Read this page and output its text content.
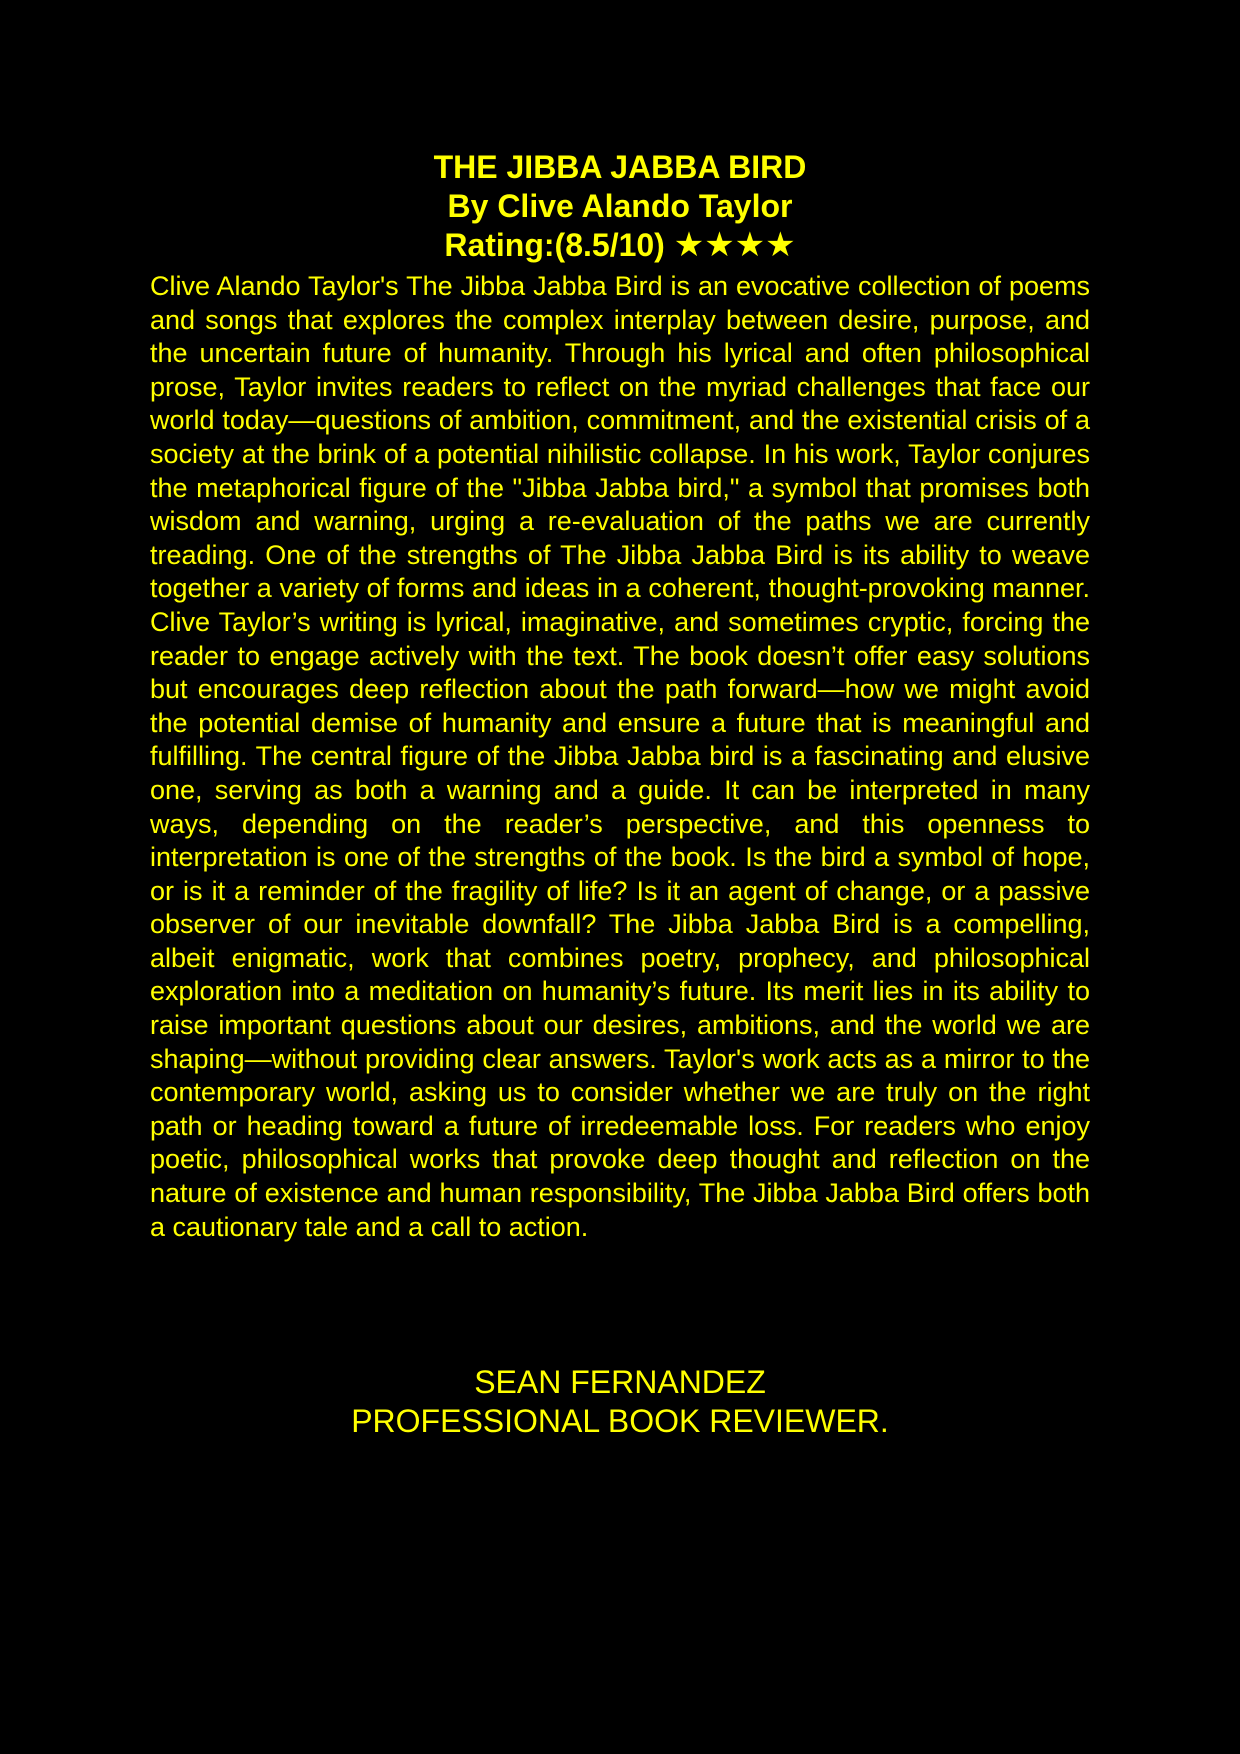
THE JIBBA JABBA BIRD
By Clive Alando Taylor
Rating:(8.5/10) ★★★★

Clive Alando Taylor's The Jibba Jabba Bird is an evocative collection of poems and songs that explores the complex interplay between desire, purpose, and the uncertain future of humanity. Through his lyrical and often philosophical prose, Taylor invites readers to reflect on the myriad challenges that face our world today—questions of ambition, commitment, and the existential crisis of a society at the brink of a potential nihilistic collapse. In his work, Taylor conjures the metaphorical figure of the "Jibba Jabba bird," a symbol that promises both wisdom and warning, urging a re-evaluation of the paths we are currently treading. One of the strengths of The Jibba Jabba Bird is its ability to weave together a variety of forms and ideas in a coherent, thought-provoking manner. Clive Taylor’s writing is lyrical, imaginative, and sometimes cryptic, forcing the reader to engage actively with the text. The book doesn’t offer easy solutions but encourages deep reflection about the path forward—how we might avoid the potential demise of humanity and ensure a future that is meaningful and fulfilling. The central figure of the Jibba Jabba bird is a fascinating and elusive one, serving as both a warning and a guide. It can be interpreted in many ways, depending on the reader’s perspective, and this openness to interpretation is one of the strengths of the book. Is the bird a symbol of hope, or is it a reminder of the fragility of life? Is it an agent of change, or a passive observer of our inevitable downfall? The Jibba Jabba Bird is a compelling, albeit enigmatic, work that combines poetry, prophecy, and philosophical exploration into a meditation on humanity’s future. Its merit lies in its ability to raise important questions about our desires, ambitions, and the world we are shaping—without providing clear answers. Taylor's work acts as a mirror to the contemporary world, asking us to consider whether we are truly on the right path or heading toward a future of irredeemable loss. For readers who enjoy poetic, philosophical works that provoke deep thought and reflection on the nature of existence and human responsibility, The Jibba Jabba Bird offers both a cautionary tale and a call to action.

SEAN FERNANDEZ
PROFESSIONAL BOOK REVIEWER.
